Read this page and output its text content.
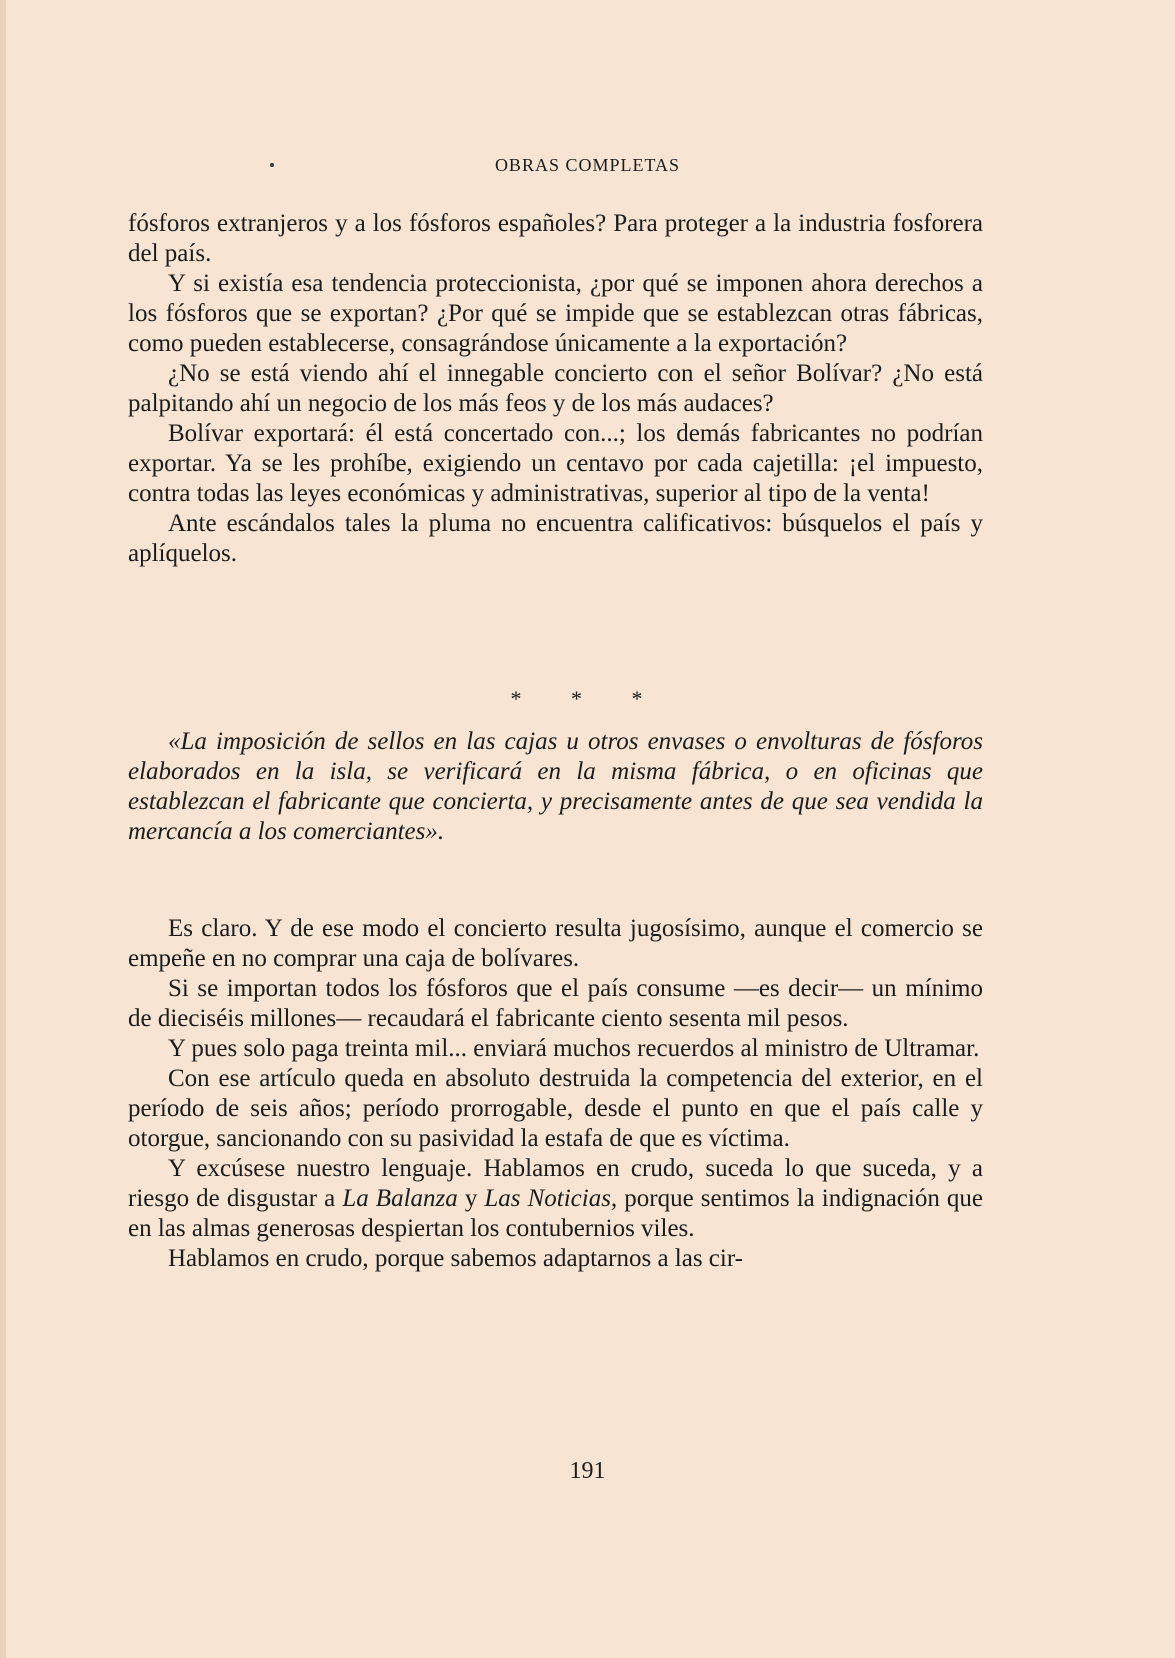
OBRAS COMPLETAS

fósforos extranjeros y a los fósforos españoles? Para proteger a la industria fosforera del país.

Y si existía esa tendencia proteccionista, ¿por qué se imponen ahora derechos a los fósforos que se exportan? ¿Por qué se impide que se establezcan otras fábricas, como pueden establecerse, consagrándose únicamente a la exportación?

¿No se está viendo ahí el innegable concierto con el señor Bolívar? ¿No está palpitando ahí un negocio de los más feos y de los más audaces?

Bolívar exportará: él está concertado con...; los demás fabricantes no podrían exportar. Ya se les prohíbe, exigiendo un centavo por cada cajetilla: ¡el impuesto, contra todas las leyes económicas y administrativas, superior al tipo de la venta!

Ante escándalos tales la pluma no encuentra calificativos: búsquelos el país y aplíquelos.

* * *

«La imposición de sellos en las cajas u otros envases o envolturas de fósforos elaborados en la isla, se verificará en la misma fábrica, o en oficinas que establezcan el fabricante que concierta, y precisamente antes de que sea vendida la mercancía a los comerciantes».

Es claro. Y de ese modo el concierto resulta jugosísimo, aunque el comercio se empeñe en no comprar una caja de bolívares.

Si se importan todos los fósforos que el país consume —es decir— un mínimo de dieciséis millones— recaudará el fabricante ciento sesenta mil pesos.

Y pues solo paga treinta mil... enviará muchos recuerdos al ministro de Ultramar.

Con ese artículo queda en absoluto destruida la competencia del exterior, en el período de seis años; período prorrogable, desde el punto en que el país calle y otorgue, sancionando con su pasividad la estafa de que es víctima.

Y excúsese nuestro lenguaje. Hablamos en crudo, suceda lo que suceda, y a riesgo de disgustar a La Balanza y Las Noticias, porque sentimos la indignación que en las almas generosas despiertan los contubernios viles.

Hablamos en crudo, porque sabemos adaptarnos a las cir-

191
